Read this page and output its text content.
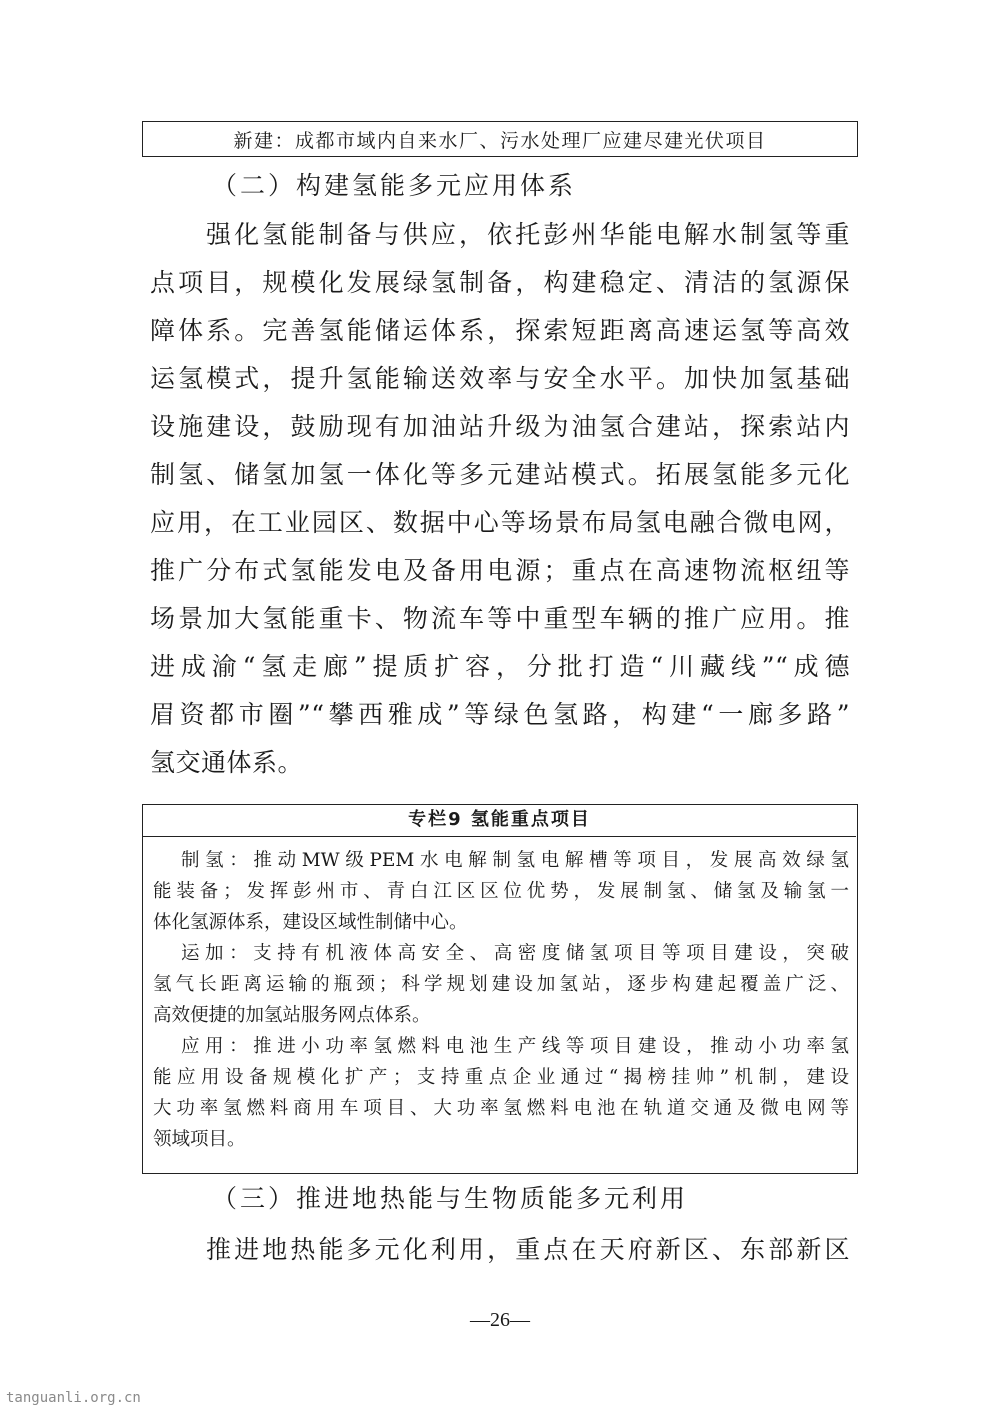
新建：成都市域内自来水厂、污水处理厂应建尽建光伏项目
（二）构建氢能多元应用体系
强化氢能制备与供应，依托彭州华能电解水制氢等重
点项目，规模化发展绿氢制备，构建稳定、清洁的氢源保
障体系。完善氢能储运体系，探索短距离高速运氢等高效
运氢模式，提升氢能输送效率与安全水平。加快加氢基础
设施建设，鼓励现有加油站升级为油氢合建站，探索站内
制氢、储氢加氢一体化等多元建站模式。拓展氢能多元化
应用，在工业园区、数据中心等场景布局氢电融合微电网，
推广分布式氢能发电及备用电源；重点在高速物流枢纽等
场景加大氢能重卡、物流车等中重型车辆的推广应用。推
进成渝“氢走廊”提质扩容，分批打造“川藏线”“成德
眉资都市圈”“攀西雅成”等绿色氢路，构建“一廊多路”
氢交通体系。
专栏9 氢能重点项目
制氢：推动MW级PEM水电解制氢电解槽等项目，发展高效绿氢
能装备；发挥彭州市、青白江区区位优势，发展制氢、储氢及输氢一
体化氢源体系，建设区域性制储中心。
运加：支持有机液体高安全、高密度储氢项目等项目建设，突破
氢气长距离运输的瓶颈；科学规划建设加氢站，逐步构建起覆盖广泛、
高效便捷的加氢站服务网点体系。
应用：推进小功率氢燃料电池生产线等项目建设，推动小功率氢
能应用设备规模化扩产；支持重点企业通过“揭榜挂帅”机制，建设
大功率氢燃料商用车项目、大功率氢燃料电池在轨道交通及微电网等
领域项目。
（三）推进地热能与生物质能多元利用
推进地热能多元化利用，重点在天府新区、东部新区
—26—
tanguanli.org.cn
